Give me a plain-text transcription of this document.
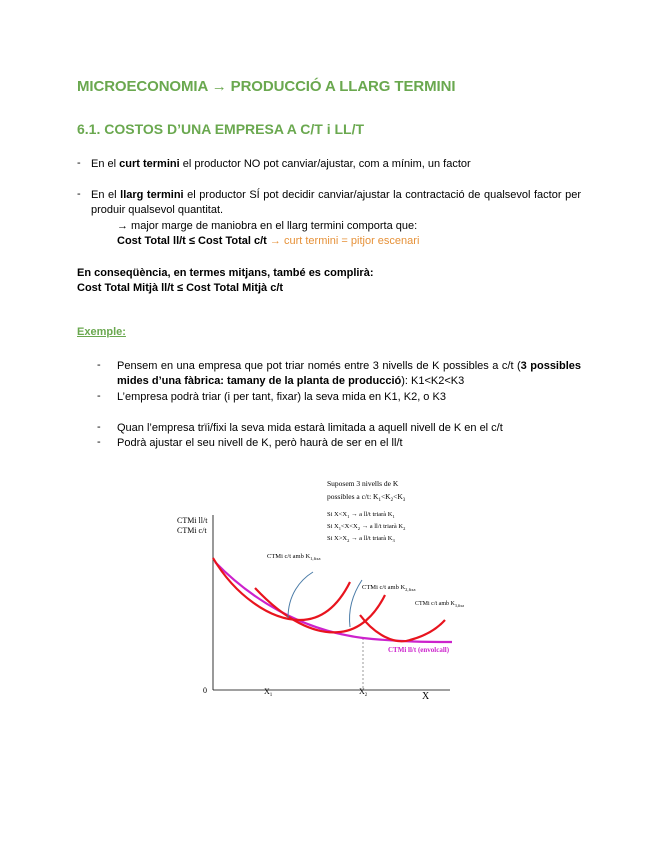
MICROECONOMIA → PRODUCCIÓ A LLARG TERMINI
6.1. COSTOS D’UNA EMPRESA A C/T i LL/T
- En el curt termini el productor NO pot canviar/ajustar, com a mínim, un factor
- En el llarg termini el productor SÍ pot decidir canviar/ajustar la contractació de qualsevol factor per produir qualsevol quantitat.
→ major marge de maniobra en el llarg termini comporta que:
Cost Total ll/t ≤ Cost Total c/t → curt termini = pitjor escenari
En conseqüència, en termes mitjans, també es complirà:
Cost Total Mitjà ll/t ≤ Cost Total Mitjà c/t
Exemple:
- Pensem en una empresa que pot triar només entre 3 nivells de K possibles a c/t (3 possibles mides d’una fàbrica: tamany de la planta de producció): K1<K2<K3
- L’empresa podrà triar (i per tant, fixar) la seva mida en K1, K2, o K3
- Quan l’empresa trïi/fixi la seva mida estarà limitada a aquell nivell de K en el c/t
- Podrà ajustar el seu nivell de K, però haurà de ser en el ll/t
CTMi ll/t
CTMi c/t
0	$X_1$	$X_2$	X
Suposem 3 nivells de K
possibles a c/t: $K_1<K_2<K_3$
Si $X<X_1 \to a$ ll/t triarà $K_1$
Si $X_1<X<X_2 \to a$ ll/t triarà $K_2$
Si $X>X_2 \to a$ ll/t triarà $K_3$
CTMi c/t amb $K_{1,fixa}$
CTMi c/t amb $K_{2,fixa}$
CTMi c/t amb $K_{3,fixa}$
CTMi ll/t (envolcall)
